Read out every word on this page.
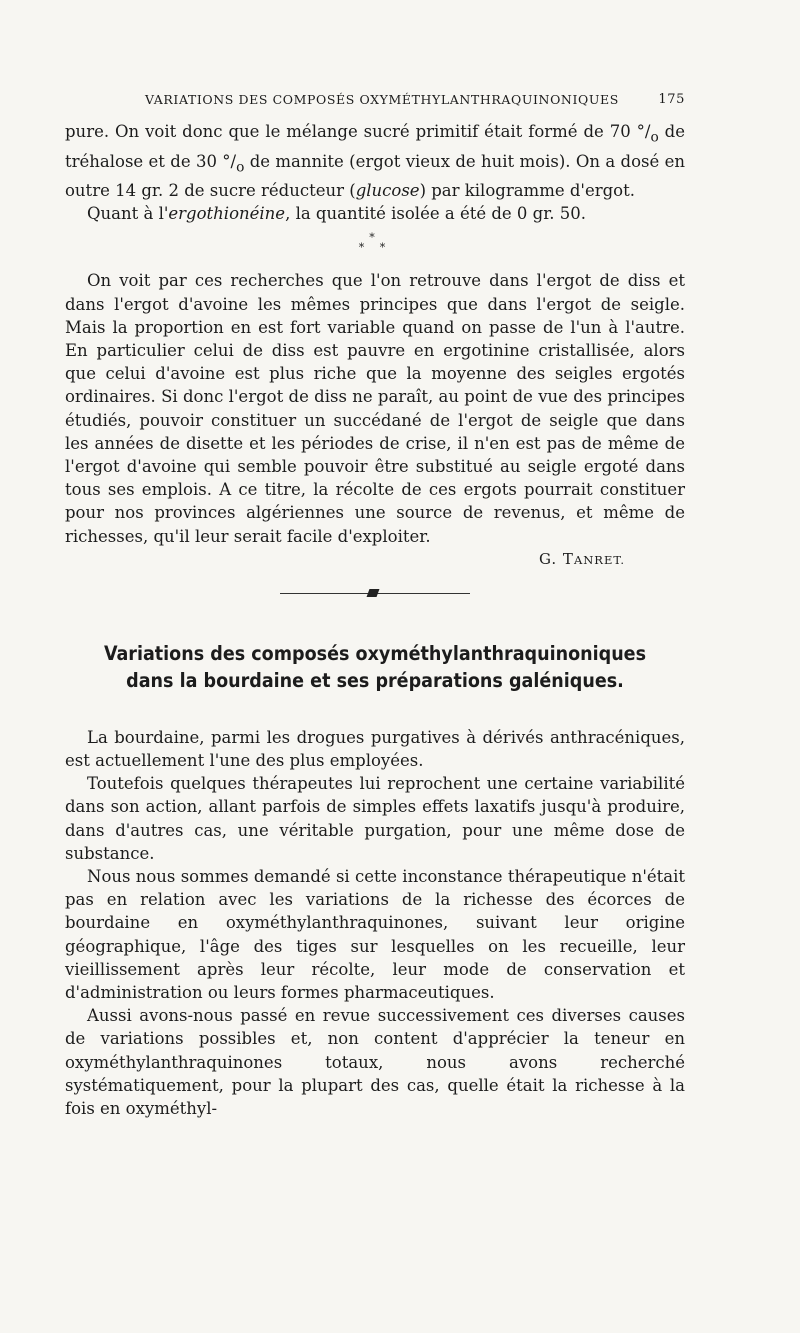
VARIATIONS DES COMPOSÉS OXYMÉTHYLANTHRAQUINONIQUES	175

pure. On voit donc que le mélange sucré primitif était formé de 70 $^\circ/_o$ de tréhalose et de 30 $^\circ/_o$ de mannite (ergot vieux de huit mois). On a dosé en outre 14 gr. 2 de sucre réducteur (glucose) par kilogramme d'ergot.

Quant à l'ergothionéine, la quantité isolée a été de 0 gr. 50.

*
* *

On voit par ces recherches que l'on retrouve dans l'ergot de diss et dans l'ergot d'avoine les mêmes principes que dans l'ergot de seigle. Mais la proportion en est fort variable quand on passe de l'un à l'autre. En particulier celui de diss est pauvre en ergotinine cristallisée, alors que celui d'avoine est plus riche que la moyenne des seigles ergotés ordinaires. Si donc l'ergot de diss ne paraît, au point de vue des principes étudiés, pouvoir constituer un succédané de l'ergot de seigle que dans les années de disette et les périodes de crise, il n'en est pas de même de l'ergot d'avoine qui semble pouvoir être substitué au seigle ergoté dans tous ses emplois. A ce titre, la récolte de ces ergots pourrait constituer pour nos provinces algériennes une source de revenus, et même de richesses, qu'il leur serait facile d'exploiter.

G. TANRET.
Variations des composés oxyméthylanthraquinoniques
dans la bourdaine et ses préparations galéniques.

La bourdaine, parmi les drogues purgatives à dérivés anthracéniques, est actuellement l'une des plus employées.

Toutefois quelques thérapeutes lui reprochent une certaine variabilité dans son action, allant parfois de simples effets laxatifs jusqu'à produire, dans d'autres cas, une véritable purgation, pour une même dose de substance.

Nous nous sommes demandé si cette inconstance thérapeutique n'était pas en relation avec les variations de la richesse des écorces de bourdaine en oxyméthylanthraquinones, suivant leur origine géographique, l'âge des tiges sur lesquelles on les recueille, leur vieillissement après leur récolte, leur mode de conservation et d'administration ou leurs formes pharmaceutiques.

Aussi avons-nous passé en revue successivement ces diverses causes de variations possibles et, non content d'apprécier la teneur en oxyméthylanthraquinones totaux, nous avons recherché systématiquement, pour la plupart des cas, quelle était la richesse à la fois en oxyméthyl-
